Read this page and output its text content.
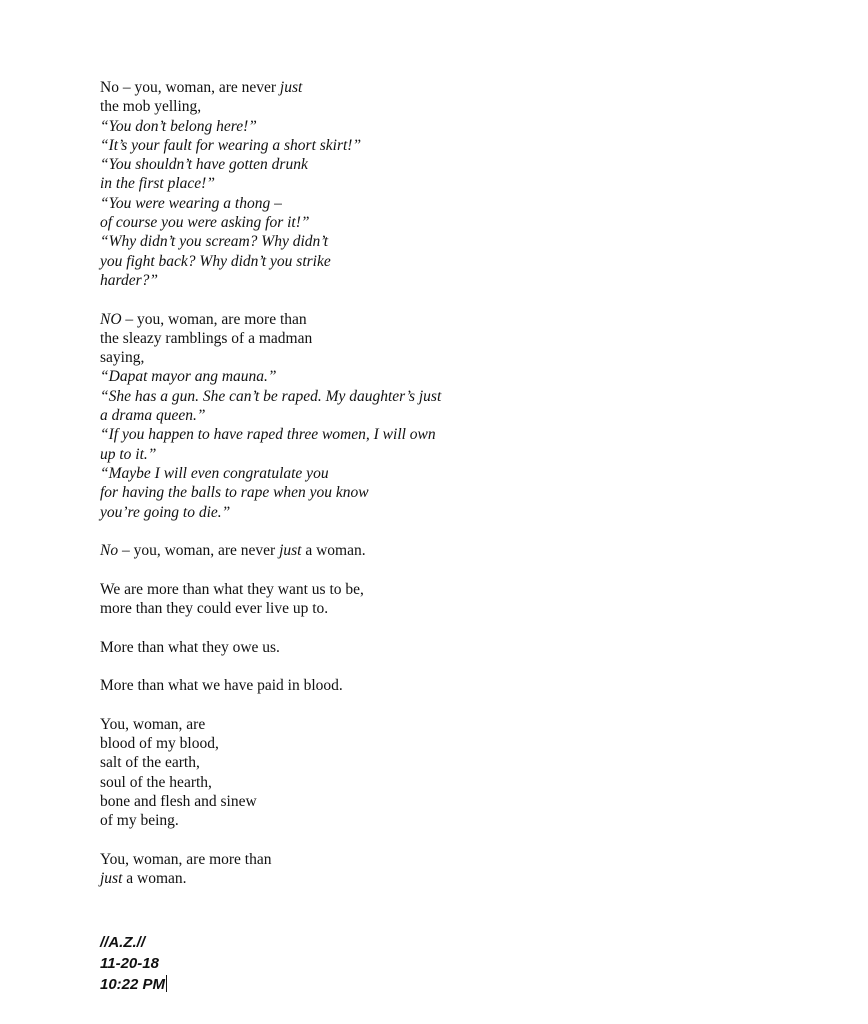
No – you, woman, are never just
the mob yelling,
“You don’t belong here!”
“It’s your fault for wearing a short skirt!”
“You shouldn’t have gotten drunk
in the first place!”
“You were wearing a thong –
of course you were asking for it!”
“Why didn’t you scream? Why didn’t
you fight back? Why didn’t you strike
harder?”
NO – you, woman, are more than
the sleazy ramblings of a madman
saying,
“Dapat mayor ang mauna.”
“She has a gun. She can’t be raped. My daughter’s just
a drama queen.”
“If you happen to have raped three women, I will own
up to it.”
“Maybe I will even congratulate you
for having the balls to rape when you know
you’re going to die.”
No – you, woman, are never just a woman.
We are more than what they want us to be,
more than they could ever live up to.
More than what they owe us.
More than what we have paid in blood.
You, woman, are
blood of my blood,
salt of the earth,
soul of the hearth,
bone and flesh and sinew
of my being.
You, woman, are more than
just a woman.
//A.Z.//
11-20-18
10:22 PM
